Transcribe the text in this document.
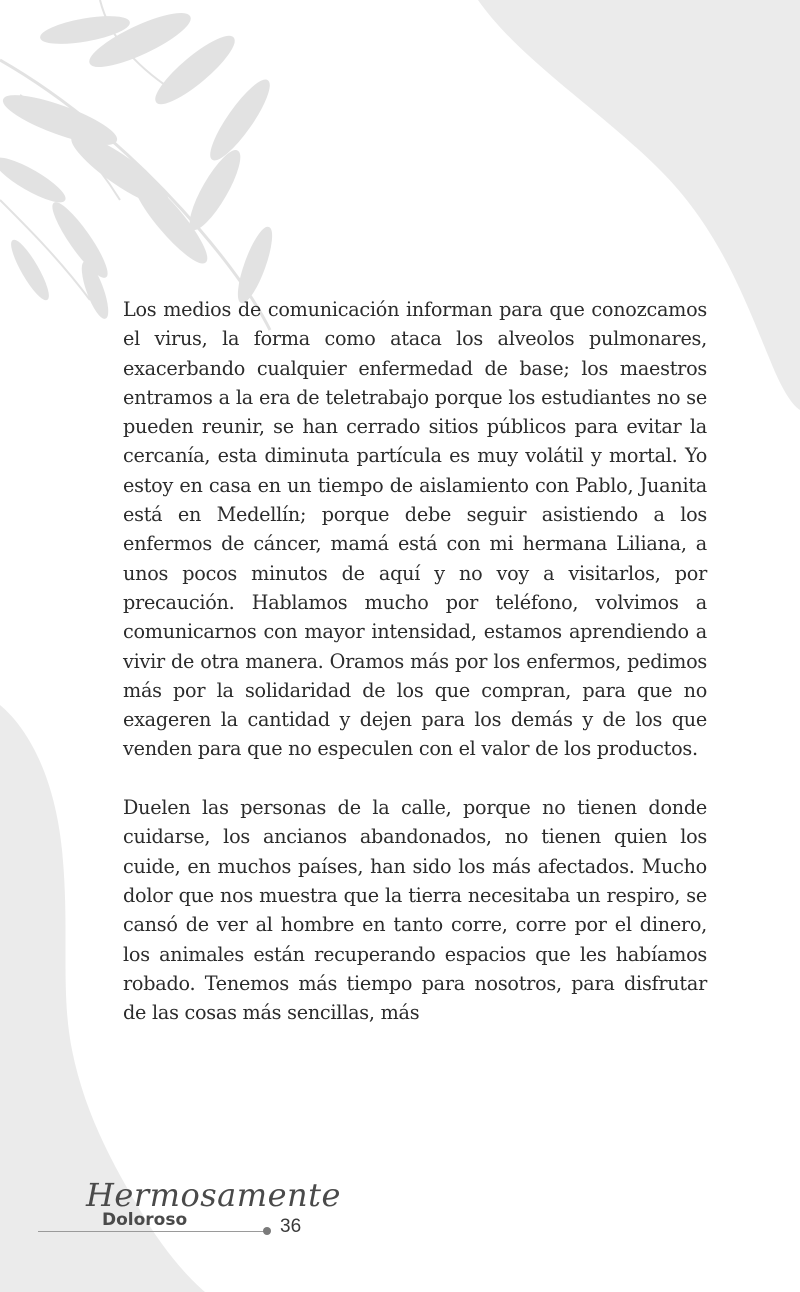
Los medios de comunicación informan para que conozcamos el virus, la forma como ataca los alveolos pulmonares, exacerbando cualquier enfermedad de base; los maestros entramos a la era de teletrabajo porque los estudiantes no se pueden reunir, se han cerrado sitios públicos para evitar la cercanía, esta diminuta partícula es muy volátil y mortal. Yo estoy en casa en un tiempo de aislamiento con Pablo, Juanita está en Medellín; porque debe seguir asistiendo a los enfermos de cáncer, mamá está con mi hermana Liliana, a unos pocos minutos de aquí y no voy a visitarlos, por precaución. Hablamos mucho por teléfono, volvimos a comunicarnos con mayor intensidad, estamos aprendiendo a vivir de otra manera. Oramos más por los enfermos, pedimos más por la solidaridad de los que compran, para que no exageren la cantidad y dejen para los demás y de los que venden para que no especulen con el valor de los productos.

Duelen las personas de la calle, porque no tienen donde cuidarse, los ancianos abandonados, no tienen quien los cuide, en muchos países, han sido los más afectados. Mucho dolor que nos muestra que la tierra necesitaba un respiro, se cansó de ver al hombre en tanto corre, corre por el dinero, los animales están recuperando espacios que les habíamos robado. Tenemos más tiempo para nosotros, para disfrutar de las cosas más sencillas, más

Hermosamente
Doloroso	36
